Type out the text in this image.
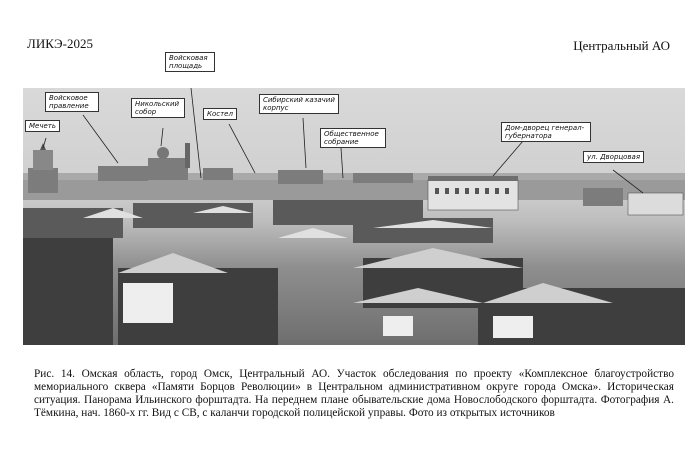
ЛИКЭ-2025	Центральный АО
Мечеть
Войсковое правление
Войсковая площадь
Никольский собор	Костел
Сибирский казачий корпус
Общественное собрание
Дом-дворец генерал-губернатора
ул. Дворцовая
Рис. 14. Омская область, город Омск, Центральный АО. Участок обследования по проекту «Комплексное благоустройство мемориального сквера «Памяти Борцов Революции» в Центральном административном округе города Омска». Историческая ситуация. Панорама Ильинского форштадта. На переднем плане обывательские дома Новослободского форштадта. Фотография А. Тёмкина, нач. 1860-х гг. Вид с СВ, с каланчи городской полицейской управы. Фото из открытых источников
